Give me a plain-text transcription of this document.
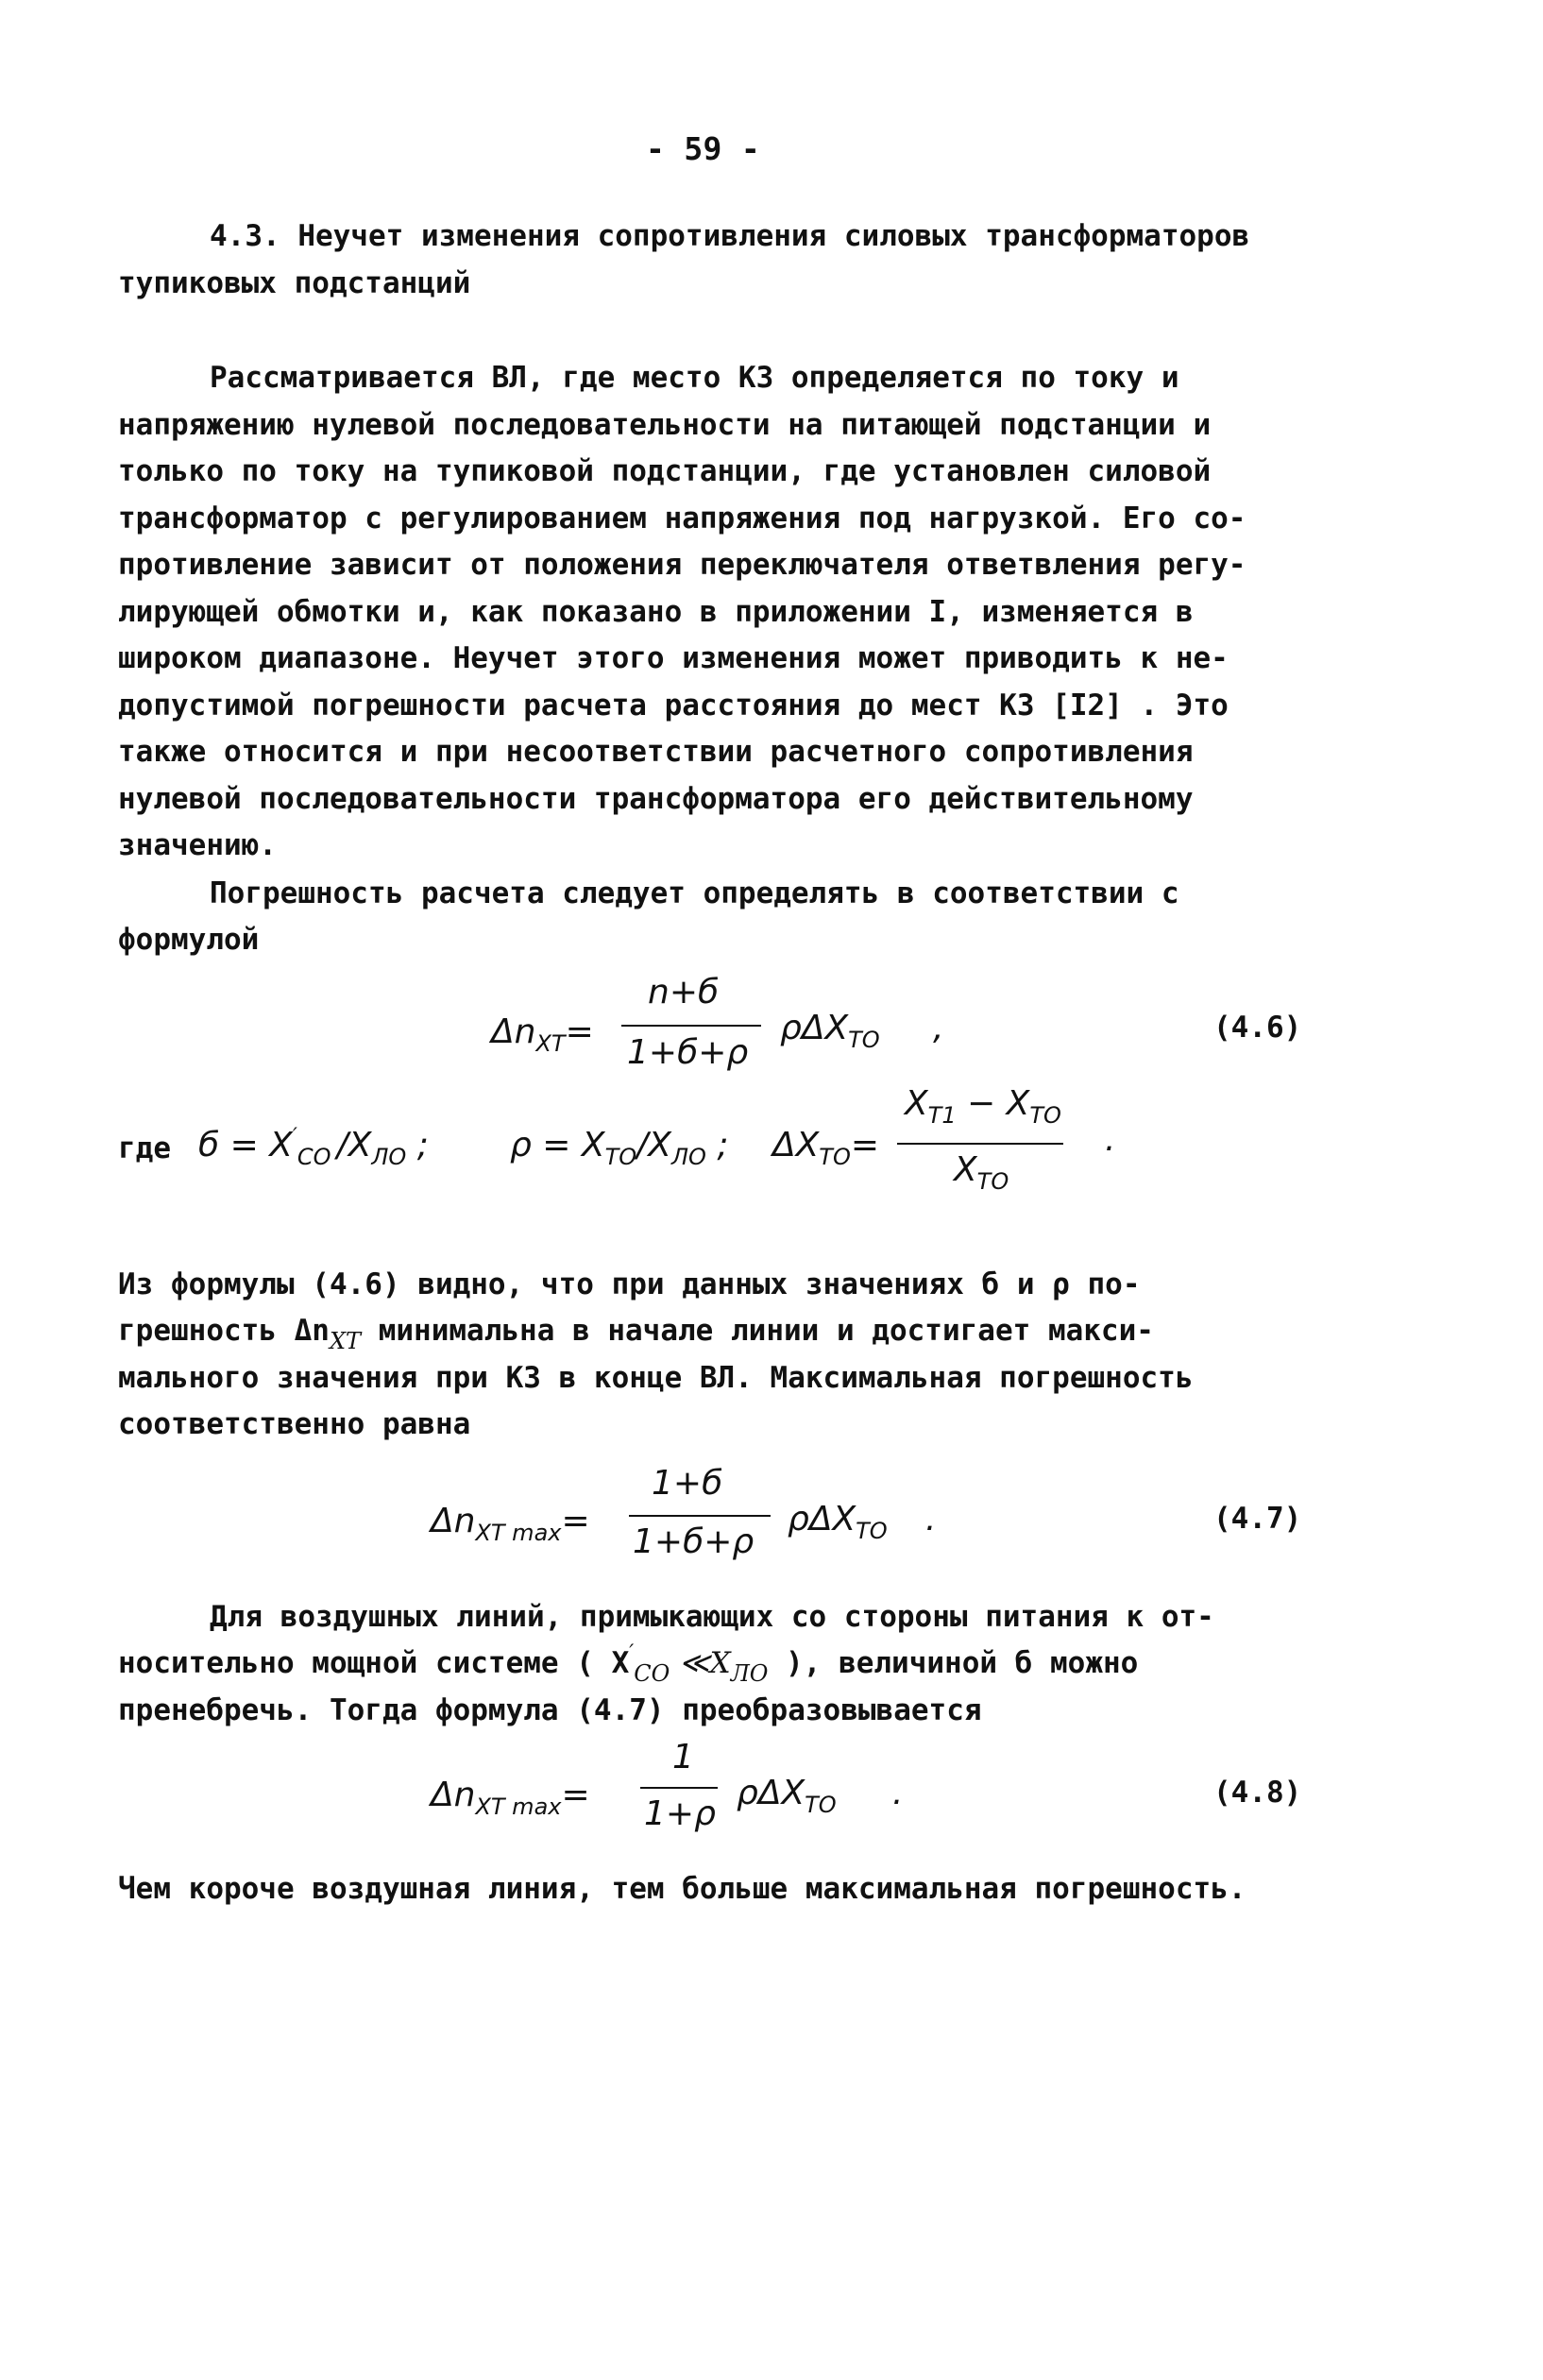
- 59 -
4.3. Неучет изменения сопротивления силовых трансформаторов
тупиковых подстанций
Рассматривается ВЛ, где место КЗ определяется по току и
напряжению нулевой последовательности на питающей подстанции и
только по току на тупиковой подстанции, где установлен силовой
трансформатор с регулированием напряжения под нагрузкой. Его со-
противление зависит от положения переключателя ответвления регу-
лирующей обмотки и, как показано в приложении I, изменяется в
широком диапазоне. Неучет этого изменения может приводить к не-
допустимой погрешности расчета расстояния до мест КЗ [I2] . Это
также относится и при несоответствии расчетного сопротивления
нулевой последовательности трансформатора его действительному
значению.
Погрешность расчета следует определять в соответствии с
формулой
$\Delta n_{XT}=$
n+б
1+б+ρ
ρΔX$_{TO}$ ,	(4.6)
где $б = X'_{CO}$ $/X_{ЛО}$ ; $\rho = X_{TO}/X_{ЛО}$ ; $\Delta X_{TO}=$
$X_{T1} - X_{TO}$
$X_{TO}$
·
Из формулы (4.6) видно, что при данных значениях б и ρ по-
грешность $\Delta n_{XT}$ минимальна в начале линии и достигает макси-
мального значения при КЗ в конце ВЛ. Максимальная погрешность
соответственно равна
$\Delta n_{XT max}=$
1+б
1+б+ρ
ρΔX$_{TO}$ .	(4.7)
Для воздушных линий, примыкающих со стороны питания к от-
носительно мощной системе ( $X'_{CO}$ $≪X_{ЛО}$ ), величиной б можно
пренебречь. Тогда формула (4.7) преобразовывается
$\Delta n_{XT max}=$
1
1+ρ
ρΔX$_{TO}$ .	(4.8)
Чем короче воздушная линия, тем больше максимальная погрешность.
